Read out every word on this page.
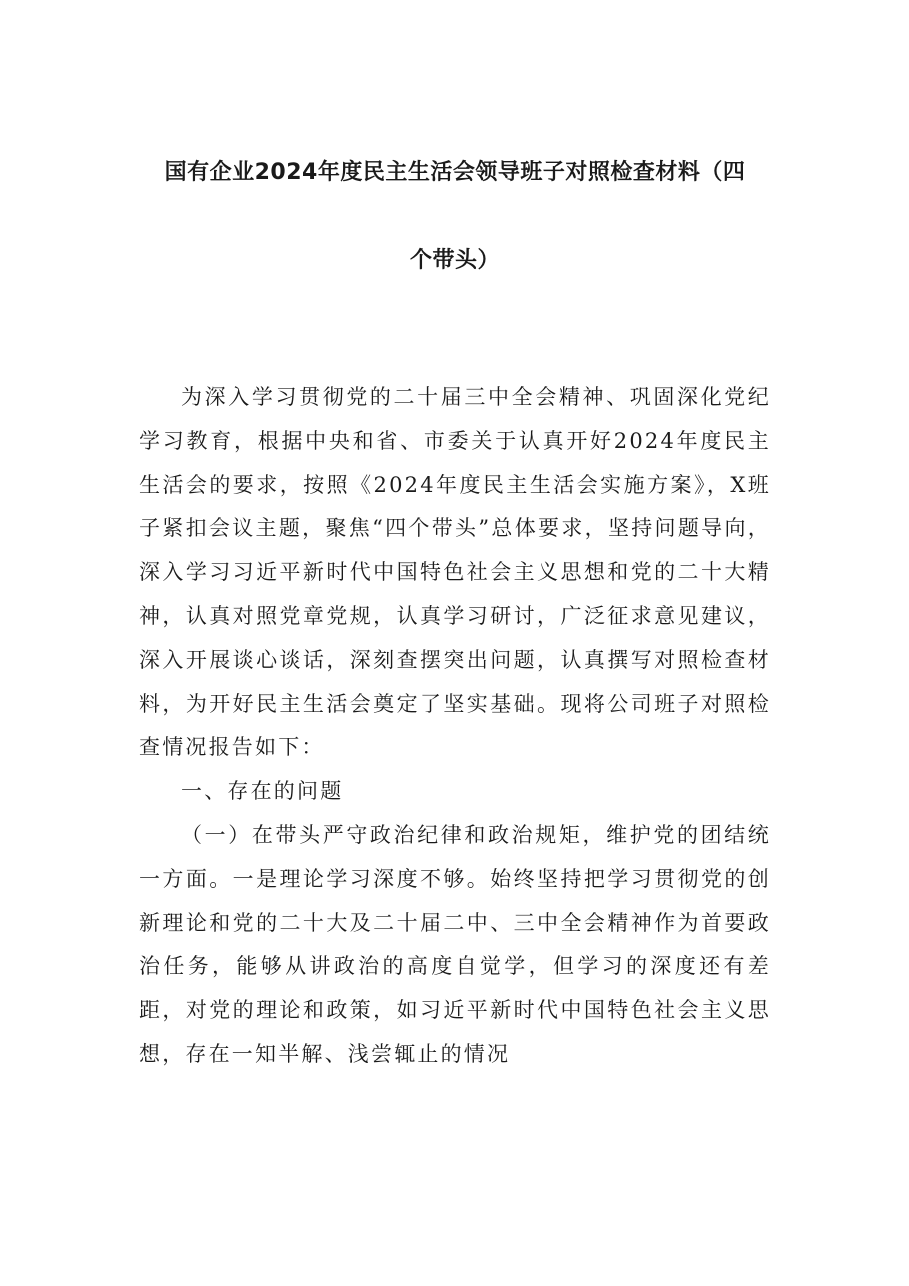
国有企业2024年度民主生活会领导班子对照检查材料（四
个带头）

为深入学习贯彻党的二十届三中全会精神、巩固深化党纪学习教育，根据中央和省、市委关于认真开好2024年度民主生活会的要求，按照《2024年度民主生活会实施方案》，X班子紧扣会议主题，聚焦“四个带头”总体要求，坚持问题导向，深入学习习近平新时代中国特色社会主义思想和党的二十大精神，认真对照党章党规，认真学习研讨，广泛征求意见建议，深入开展谈心谈话，深刻查摆突出问题，认真撰写对照检查材料，为开好民主生活会奠定了坚实基础。现将公司班子对照检查情况报告如下：

一、存在的问题

（一）在带头严守政治纪律和政治规矩，维护党的团结统一方面。一是理论学习深度不够。始终坚持把学习贯彻党的创新理论和党的二十大及二十届二中、三中全会精神作为首要政治任务，能够从讲政治的高度自觉学，但学习的深度还有差距，对党的理论和政策，如习近平新时代中国特色社会主义思想，存在一知半解、浅尝辄止的情况
